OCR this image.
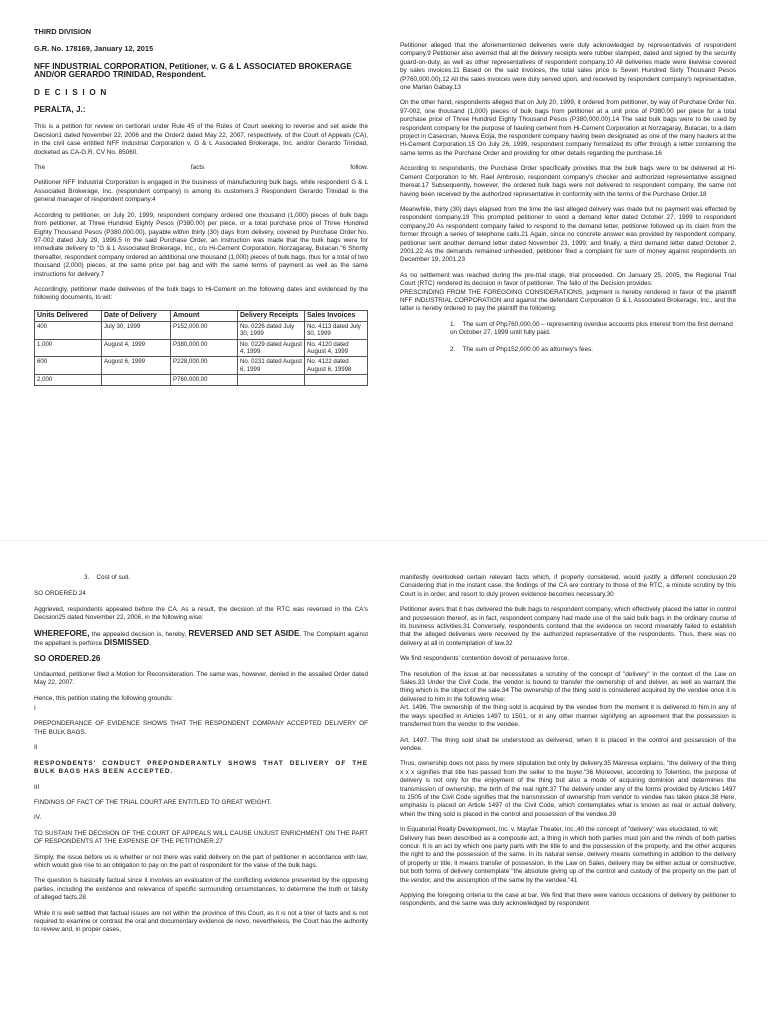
THIRD DIVISION
G.R. No. 178169, January 12, 2015
NFF INDUSTRIAL CORPORATION, Petitioner, v. G & L ASSOCIATED BROKERAGE AND/OR GERARDO TRINIDAD, Respondent.
D E C I S I O N
PERALTA, J.:

This is a petition for review on certiorari under Rule 45 of the Rules of Court seeking to reverse and set aside the Decision1 dated November 22, 2006 and the Order2 dated May 22, 2007, respectively, of the Court of Appeals (CA), in the civil case entitled NFF Industrial Corporation v. G & L Associated Brokerage, Inc. and/or Gerardo Trinidad, docketed as CA-G.R. CV No. 85060.

The	facts	follow.

Petitioner NFF Industrial Corporation is engaged in the business of manufacturing bulk bags, while respondent G & L Associated Brokerage, Inc. (respondent company) is among its customers.3 Respondent Gerardo Trinidad is the general manager of respondent company.4

According to petitioner, on July 20, 1999, respondent company ordered one thousand (1,000) pieces of bulk bags from petitioner, at Three Hundred Eighty Pesos (P380.00) per piece, or a total purchase price of Three Hundred Eighty Thousand Pesos (P380,000.00), payable within thirty (30) days from delivery, covered by Purchase Order No. 97-002 dated July 29, 1999.5 In the said Purchase Order, an instruction was made that the bulk bags were for immediate delivery to "G & L Associated Brokerage, Inc., c/o Hi-Cement Corporation, Norzagaray, Bulacan."6 Shortly thereafter, respondent company ordered an additional one thousand (1,000) pieces of bulk bags, thus for a total of two thousand (2,000) pieces, at the same price per bag and with the same terms of payment as well as the same instructions for delivery.7

Accordingly, petitioner made deliveries of the bulk bags to Hi-Cement on the following dates and evidenced by the following documents, to wit:

Units Delivered	Date of Delivery	Amount	Delivery Receipts	Sales Invoices
400	July 30, 1999	P152,000.00	No. 0226 dated July 30, 1999	No. 4113 dated July 30, 1999
1,000	August 4, 1999	P380,000.00	No. 0229 dated August 4, 1999	No. 4120 dated August 4, 1999
600	August 6, 1999	P228,000.00	No. 0231 dated August 6, 1999	No. 4122 dated August 6, 19998
2,000		P760,000.00		

Petitioner alleged that the aforementioned deliveries were duly acknowledged by representatives of respondent company.9 Petitioner also averred that all the delivery receipts were rubber stamped, dated and signed by the security guard-on-duty, as well as other representatives of respondent company.10 All deliveries made were likewise covered by sales invoices.11 Based on the said invoices, the total sales price is Seven Hundred Sixty Thousand Pesos (P760,000.00).12 All the sales invoices were duly served upon, and received by respondent company's representative, one Marlan Gabay.13

On the other hand, respondents alleged that on July 20, 1999, it ordered from petitioner, by way of Purchase Order No. 97-002, one thousand (1,000) pieces of bulk bags from petitioner at a unit price of P380.00 per piece for a total purchase price of Three Hundred Eighty Thousand Pesos (P380,000.00).14 The said bulk bags were to be used by respondent company for the purpose of hauling cement from Hi-Cement Corporation at Norzagaray, Bulacan, to a dam project in Casecnan, Nueva Ecija, the respondent company having been designated as one of the many haulers at the Hi-Cement Corporation.15 On July 26, 1999, respondent company formalized its offer through a letter containing the same terms as the Purchase Order and providing for other details regarding the purchase.16

According to respondents, the Purchase Order specifically provides that the bulk bags were to be delivered at Hi-Cement Corporation to Mr. Rael Ambrosio, respondent company's checker and authorized representative assigned thereat.17 Subsequently, however, the ordered bulk bags were not delivered to respondent company, the same not having been received by the authorized representative in conformity with the terms of the Purchase Order.18

Meanwhile, thirty (30) days elapsed from the time the last alleged delivery was made but no payment was effected by respondent company.19 This prompted petitioner to send a demand letter dated October 27, 1999 to respondent company.20 As respondent company failed to respond to the demand letter, petitioner followed up its claim from the former through a series of telephone calls.21 Again, since no concrete answer was provided by respondent company, petitioner sent another demand letter dated November 23, 1999; and finally, a third demand letter dated October 2, 2001.22 As the demands remained unheeded, petitioner filed a complaint for sum of money against respondents on December 19, 2001.23

As no settlement was reached during the pre-trial stage, trial proceeded. On January 25, 2005, the Regional Trial Court (RTC) rendered its decision in favor of petitioner. The fallo of the Decision provides:

PRESCINDING FROM THE FOREGOING CONSIDERATIONS, judgment is hereby rendered in favor of the plaintiff NFF INDUSTRIAL CORPORATION and against the defendant Corporation G & L Associated Brokerage, Inc., and the latter is hereby ordered to pay the plaintiff the following:

1.    The sum of Php760,000.00 – representing overdue accounts plus interest from the first demand on October 27, 1999 until fully paid.
2.    The sum of Php152,000.00 as attorney's fees.
3.    Cost of suit.

SO ORDERED.24

Aggrieved, respondents appealed before the CA. As a result, the decision of the RTC was reversed in the CA's Decision25 dated November 22, 2006, in the following wise:

WHEREFORE, the appealed decision is, hereby, REVERSED AND SET ASIDE. The Complaint against the appellant is perforce DISMISSED.

SO ORDERED.26

Undaunted, petitioner filed a Motion for Reconsideration. The same was, however, denied in the assailed Order dated May 22, 2007.

Hence, this petition stating the following grounds:

I

PREPONDERANCE OF EVIDENCE SHOWS THAT THE RESPONDENT COMPANY ACCEPTED DELIVERY OF THE BULK BAGS.

II

RESPONDENTS' CONDUCT PREPONDERANTLY SHOWS THAT DELIVERY OF THE BULK BAGS HAS BEEN ACCEPTED.

III

FINDINGS OF FACT OF THE TRIAL COURT ARE ENTITLED TO GREAT WEIGHT.

IV.

TO SUSTAIN THE DECISION OF THE COURT OF APPEALS WILL CAUSE UNJUST ENRICHMENT ON THE PART OF RESPONDENTS AT THE EXPENSE OF THE PETITIONER.27

Simply, the issue before us is whether or not there was valid delivery on the part of petitioner in accordance with law, which would give rise to an obligation to pay on the part of respondent for the value of the bulk bags.

The question is basically factual since it involves an evaluation of the conflicting evidence presented by the opposing parties, including the existence and relevance of specific surrounding circumstances, to determine the truth or falsity of alleged facts.28

While it is well settled that factual issues are not within the province of this Court, as it is not a trier of facts and is not required to examine or contrast the oral and documentary evidence de novo, nevertheless, the Court has the authority to review and, in proper cases,

manifestly overlooked certain relevant facts which, if properly considered, would justify a different conclusion.29 Considering that in the instant case, the findings of the CA are contrary to those of the RTC, a minute scrutiny by this Court is in order, and resort to duly proven evidence becomes necessary.30

Petitioner avers that it has delivered the bulk bags to respondent company, which effectively placed the latter in control and possession thereof, as in fact, respondent company had made use of the said bulk bags in the ordinary course of its business activities.31 Conversely, respondents contend that the evidence on record miserably failed to establish that the alleged deliveries were received by the authorized representative of the respondents. Thus, there was no delivery at all in contemplation of law.32

We find respondents' contention devoid of persuasive force.

The resolution of the issue at bar necessitates a scrutiny of the concept of "delivery" in the context of the Law on Sales.33 Under the Civil Code, the vendor is bound to transfer the ownership of and deliver, as well as warrant the thing which is the object of the sale.34 The ownership of the thing sold is considered acquired by the vendee once it is delivered to him in the following wise:

Art. 1496. The ownership of the thing sold is acquired by the vendee from the moment it is delivered to him in any of the ways specified in Articles 1497 to 1501, or in any other manner signifying an agreement that the possession is transferred from the vendor to the vendee.

Art. 1497. The thing sold shall be understood as delivered, when it is placed in the control and possession of the vendee.

Thus, ownership does not pass by mere stipulation but only by delivery.35 Manresa explains, "the delivery of the thing x x x signifies that title has passed from the seller to the buyer."36 Moreover, according to Tolentino, the purpose of delivery is not only for the enjoyment of the thing but also a mode of acquiring dominion and determines the transmission of ownership, the birth of the real right.37 The delivery under any of the forms provided by Articles 1497 to 1505 of the Civil Code signifies that the transmission of ownership from vendor to vendee has taken place.38 Here, emphasis is placed on Article 1497 of the Civil Code, which contemplates what is known as real or actual delivery, when the thing sold is placed in the control and possession of the vendee.39

In Equatorial Realty Development, Inc. v. Mayfair Theater, Inc.,40 the concept of "delivery" was elucidated, to wit:

Delivery has been described as a composite act, a thing in which both parties must join and the minds of both parties concur. It is an act by which one party parts with the title to and the possession of the property, and the other acquires the right to and the possession of the same. In its natural sense, delivery means something in addition to the delivery of property or title; it means transfer of possession. In the Law on Sales, delivery may be either actual or constructive, but both forms of delivery contemplate "the absolute giving up of the control and custody of the property on the part of the vendor, and the assumption of the same by the vendee."41

Applying the foregoing criteria to the case at bar, We find that there were various occasions of delivery by petitioner to respondents, and the same was duly acknowledged by respondent
